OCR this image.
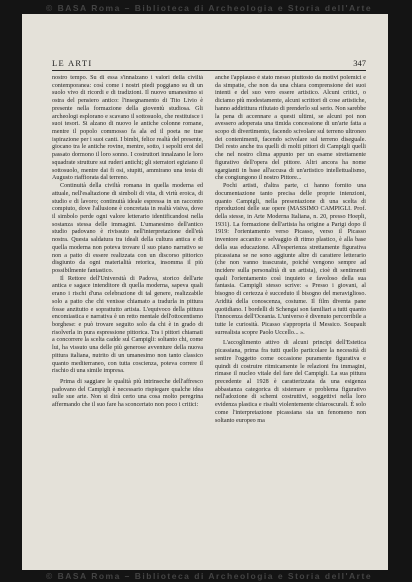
© BASA Roma – Biblioteca di Archeologia e Storia dell'Arte
LE ARTI	347

nostro tempo. Su di essa s'innalzano i valori della civiltà contemporanea: così come i nostri piedi poggiano su di un suolo vivo di ricordi e di tradizioni. Il nuovo umanesimo si ostra del pensiero antico: l'insegnamento di Tito Livio è presente nella formazione della gioventù studiosa. Gli archeologi esplorano e scavano il sottosuolo, che restituisce i suoi tesori. Si alzano di nuovo le antiche colonne romane, mentre il popolo commosso fa ala ed il poeta ne trae ispirazione per i suoi canti. I bimbi, felice realtà del presente, giocano tra le antiche rovine, mentre, sotto, i sepolti eroi del passato dormono il loro sonno. I costruttori innalzano le loro squadrate strutture sui ruderi antichi; gli sterratori egiziano il sottosuolo, mentre dai fi osi, stupiti, ammirano una testa di Augusto riaffiorata dal terreno.

Continuità della civiltà romana in quella moderna ed attuale, nell'esaltazione di simboli di vita, di virtù eroica, di studio e di lavoro; continuità ideale espressa in un racconto compiuto, dove l'allusione è concretata in realtà visiva, dove il simbolo perde ogni valore letterario identificandosi nella sostanza stessa delle immagini. L'umanesimo dell'antico studio padovano è rivissuto nell'interpretazione dell'età nostra. Questa saldatura tra ideali della cultura antica e di quella moderna non poteva trovare il suo piano narrativo se non a patto di essere realizzata con un discorso pittorico disgiunto da ogni materialità retorica, insomma il più possibilmente fantastico.

Il Rettore dell'Università di Padova, storico dell'arte antica e sagace intenditore di quella moderna, sapeva quali erano i rischi d'una celebrazione di tal genere, realizzabile solo a patto che chi venisse chiamato a tradurla in pittura fosse anzitutto e soprattutto artista. L'equivoco della pittura encomiastica e narrativa è un retto mentale dell'ottocentismo borghese: e può trovare seguito solo da chi è in grado di risolverla in pura espressione pittorica. Tra i pittori chiamati a concorrere la scelta cadde sul Campigli: soltanto chi, come lui, ha vissuto una delle più generose avventure della nuova pittura italiana, nutrito di un umanesimo non tanto classico quanto mediterraneo, con tutta coscienza, poteva correre il rischio di una simile impresa.

Prima di saggiare le qualità più intrinseche dell'affresco padovano del Campigli è necessario rispiegare qualche idea sulle sue arte. Non si dirà certo una cosa molto peregrina affermando che il suo fare ha sconcertato non poco i critici:

anche l'applauso è stato messo piuttosto da motivi polemici e da simpatie, che non da una chiara comprensione dei suoi intenti e del suo vero essere artistico. Alcuni critici, o diciamo più modestamente, alcuni scrittori di cose artistiche, hanno addirittura rifiutato di prenderlo sul serio. Non sarebbe la pena di accennare a questi ultimi, se alcuni poi non avessero adoperata una timida concessione di un'arte fatta a scopo di divertimento, facendo scivolare sul terreno ultroneo dei contenimenti, facendo scivolare sul terreno diseguale. Del resto anche tra quelli di molti pittori di Campigli quelli che nel nostro clima appunto per un esame strettamente figurativo dell'opera del pittore. Altri ancora ha nome sgargianti in base all'accusa di un'artistico intellettualismo, che congiungono il nostro Pittore...

Pochi artisti, d'altra parte, ci hanno fornito una documentazione tanto precisa delle proprie intenzioni, quanto Campigli, nella presentazione di una scelta di riproduzioni delle sue opere (MASSIMO CAMPIGLI. Prof. della stesse, in Arte Moderna Italiana, n. 20, presso Hoepli, 1931). La formazione dell'artista ha origine a Parigi dopo il 1919: l'orientamento verso Picasso, verso il Picasso inventore accanito e selvaggio di ritmo plastico, è alla base della sua educazione. All'esperienza strettamente figurativa picassiana se ne sono aggiunte altre di carattere letterario (che non vanno trascurate, poiché vengono sempre ad incidere sulla personalità di un artista), cioè di sentimenti quali l'orientamento così inquieto e favoloso della sua fantasia. Campigli stesso scrive: « Presso i giovani, al bisogno di certezza è succeduto il bisogno del meraviglioso. Aridità della conoscenza, costume. Il film diventa pane quotidiano. I bordelli di Schengai son familiari a tutti quanto l'innocenza dell'Oceania. L'universo è divenuto percorribile a tutte le curiosità. Picasso s'appropria il Messico. Soupault surrealista scopre Paolo Uccello... ».

L'accoglimento attivo di alcuni principi dell'Estetica picassiana, prima fra tutti quello particolare la necessità di sentire l'oggetto come occasione puramente figurativa e quindi di costruire ritmicamente le relazioni fra immagini, rimase il nucleo vitale del fare del Campigli. La sua pittura precedente al 1928 è caratterizzata da una esigenza abbastanza categorica di sistemare e problema figurativo nell'adozione di schemi costruttivi, soggettivi nella loro evidenza plastica e risalti violentemente chiaroscurali. È solo come l'interpretazione picassiana sia un fenomeno non soltanto europeo ma

© BASA Roma – Biblioteca di Archeologia e Storia dell'Arte
